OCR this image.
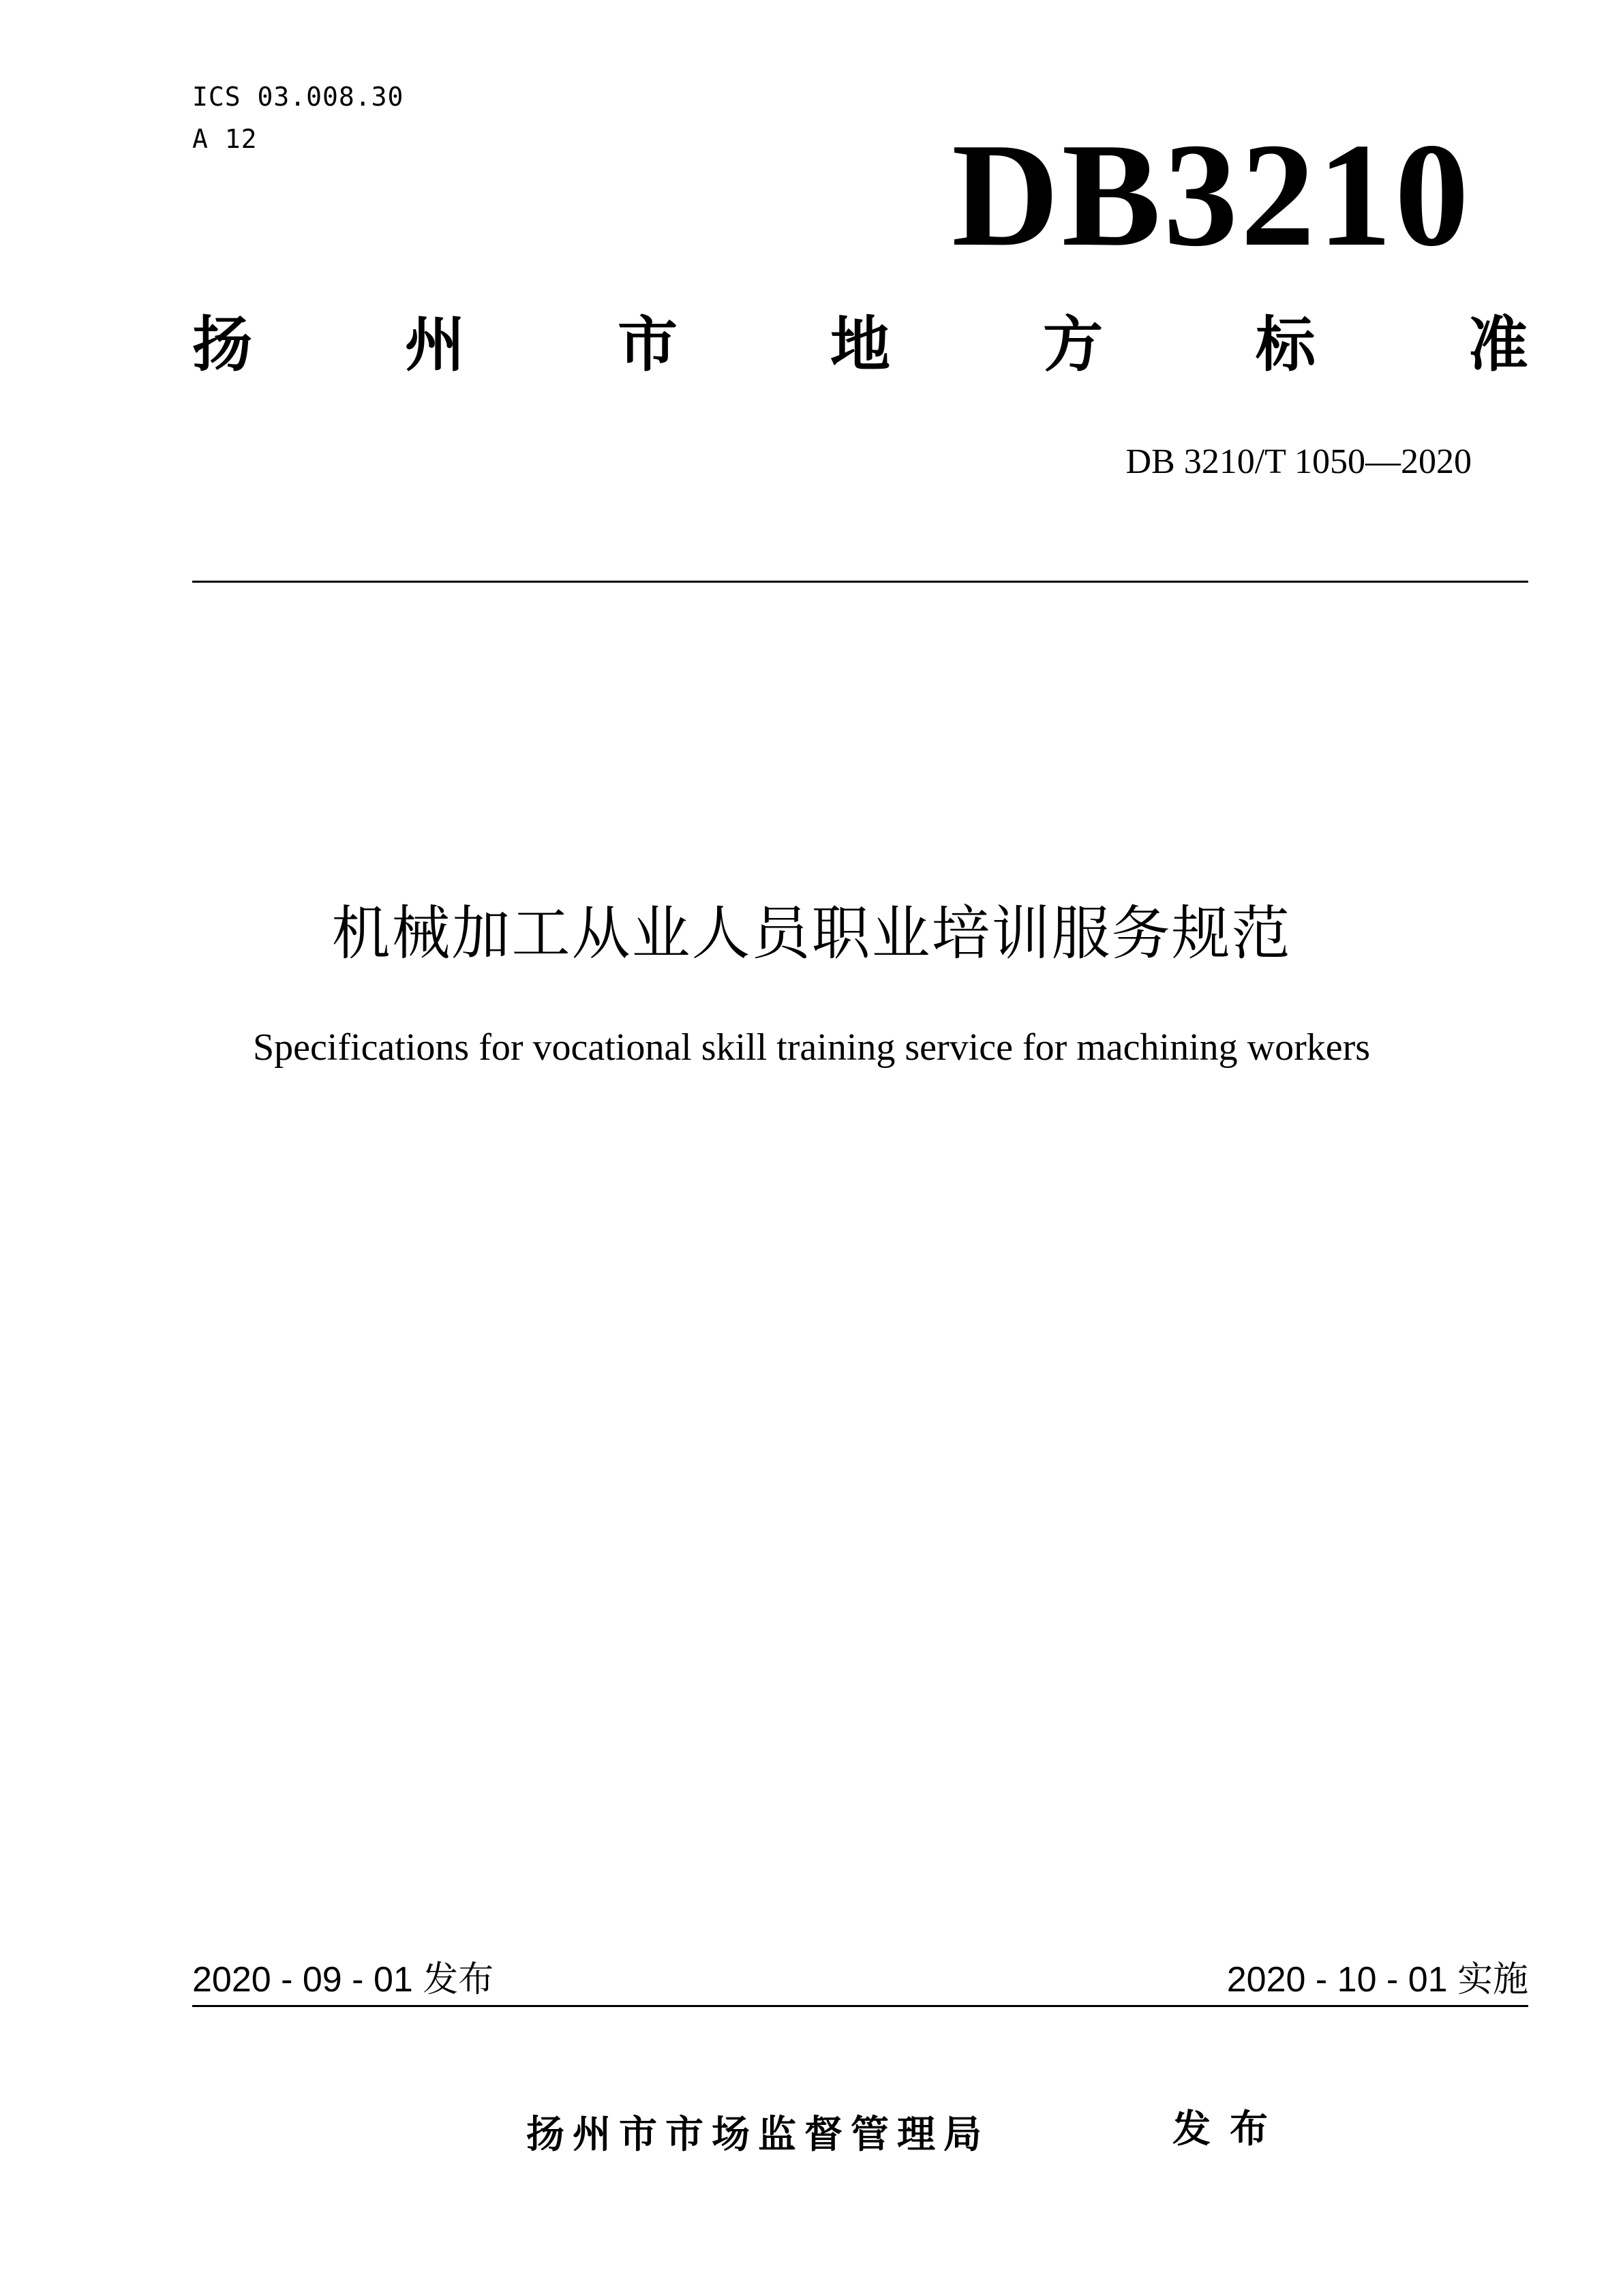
ICS 03.008.30
A 12	DB3210
扬	州	市	地	方	标	准
DB 3210/T 1050—2020
机械加工从业人员职业培训服务规范
Specifications for vocational skill training service for machining workers
2020 - 09 - 01 发布	2020 - 10 - 01 实施
扬州市市场监督管理局	发布
